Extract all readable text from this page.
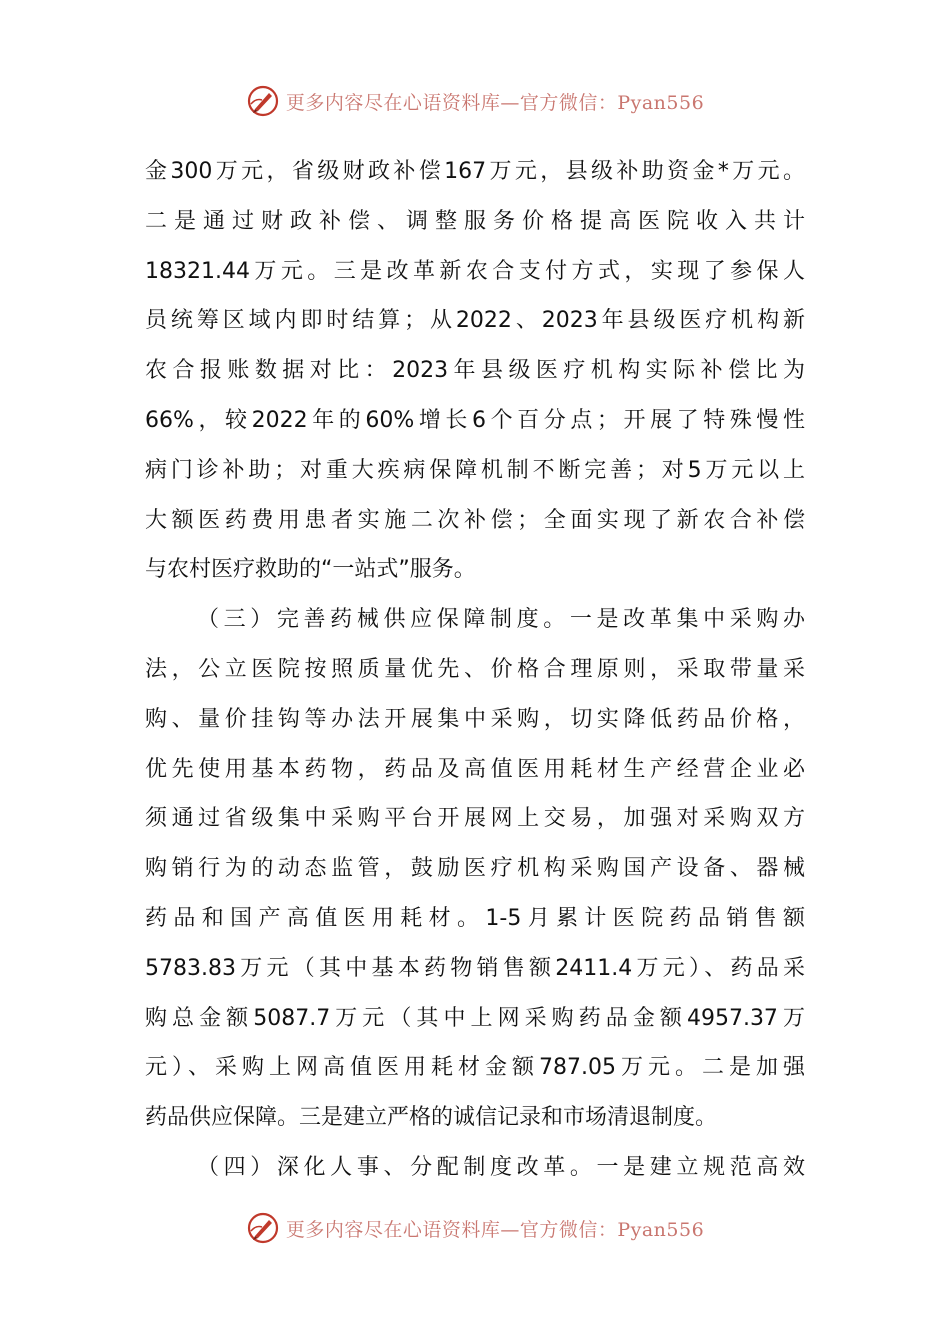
更多内容尽在心语资料库—官方微信：Pyan556
金300万元，省级财政补偿167万元，县级补助资金*万元。
二是通过财政补偿、调整服务价格提高医院收入共计
18321.44万元。三是改革新农合支付方式，实现了参保人
员统筹区域内即时结算；从2022、2023年县级医疗机构新
农合报账数据对比：2023年县级医疗机构实际补偿比为
66%，较2022年的60%增长6个百分点；开展了特殊慢性
病门诊补助；对重大疾病保障机制不断完善；对5万元以上
大额医药费用患者实施二次补偿；全面实现了新农合补偿
与农村医疗救助的“一站式”服务。
（三）完善药械供应保障制度。一是改革集中采购办
法，公立医院按照质量优先、价格合理原则，采取带量采
购、量价挂钩等办法开展集中采购，切实降低药品价格，
优先使用基本药物，药品及高值医用耗材生产经营企业必
须通过省级集中采购平台开展网上交易，加强对采购双方
购销行为的动态监管，鼓励医疗机构采购国产设备、器械
药品和国产高值医用耗材。1-5月累计医院药品销售额
5783.83万元（其中基本药物销售额2411.4万元）、药品采
购总金额5087.7万元（其中上网采购药品金额4957.37万
元）、采购上网高值医用耗材金额787.05万元。二是加强
药品供应保障。三是建立严格的诚信记录和市场清退制度。
（四）深化人事、分配制度改革。一是建立规范高效
更多内容尽在心语资料库—官方微信：Pyan556
